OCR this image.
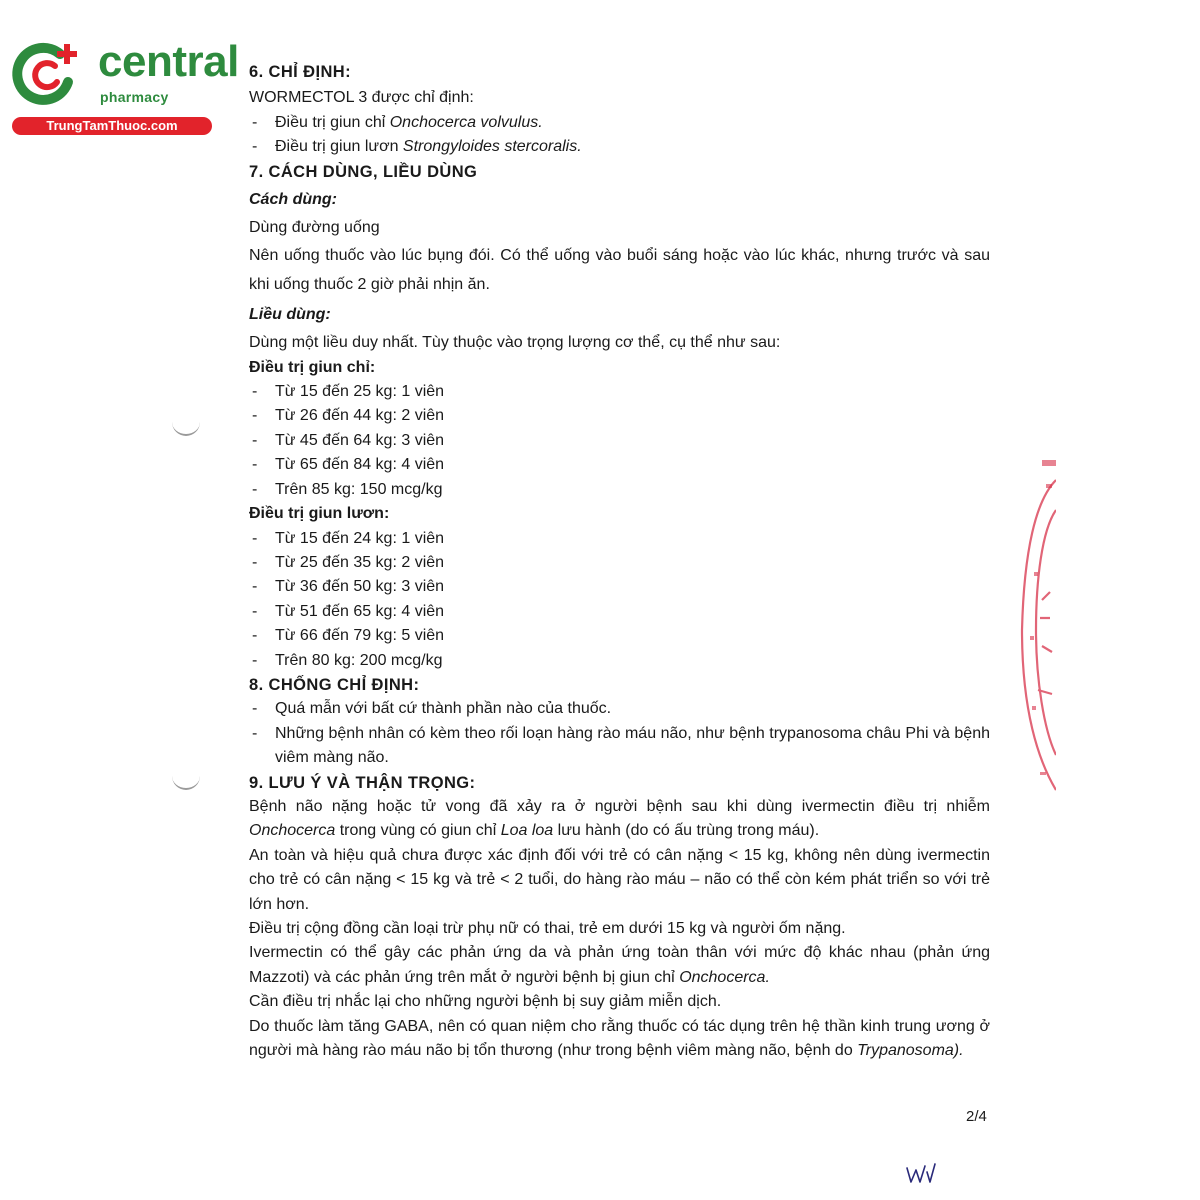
central
pharmacy
TrungTamThuoc.com
6. CHỈ ĐỊNH:
WORMECTOL 3 được chỉ định:
- Điều trị giun chỉ Onchocerca volvulus.
- Điều trị giun lươn Strongyloides stercoralis.
7. CÁCH DÙNG, LIỀU DÙNG
Cách dùng:
Dùng đường uống
Nên uống thuốc vào lúc bụng đói. Có thể uống vào buổi sáng hoặc vào lúc khác, nhưng trước và sau khi uống thuốc 2 giờ phải nhịn ăn.
Liều dùng:
Dùng một liều duy nhất. Tùy thuộc vào trọng lượng cơ thể, cụ thể như sau:
Điều trị giun chỉ:
- Từ 15 đến 25 kg: 1 viên
- Từ 26 đến 44 kg: 2 viên
- Từ 45 đến 64 kg: 3 viên
- Từ 65 đến 84 kg: 4 viên
- Trên 85 kg: 150 mcg/kg
Điều trị giun lươn:
- Từ 15 đến 24 kg: 1 viên
- Từ 25 đến 35 kg: 2 viên
- Từ 36 đến 50 kg: 3 viên
- Từ 51 đến 65 kg: 4 viên
- Từ 66 đến 79 kg: 5 viên
- Trên 80 kg: 200 mcg/kg
8. CHỐNG CHỈ ĐỊNH:
- Quá mẫn với bất cứ thành phần nào của thuốc.
- Những bệnh nhân có kèm theo rối loạn hàng rào máu não, như bệnh trypanosoma châu Phi và bệnh viêm màng não.
9. LƯU Ý VÀ THẬN TRỌNG:
Bệnh não nặng hoặc tử vong đã xảy ra ở người bệnh sau khi dùng ivermectin điều trị nhiễm Onchocerca trong vùng có giun chỉ Loa loa lưu hành (do có ấu trùng trong máu).
An toàn và hiệu quả chưa được xác định đối với trẻ có cân nặng < 15 kg, không nên dùng ivermectin cho trẻ có cân nặng < 15 kg và trẻ < 2 tuổi, do hàng rào máu – não có thể còn kém phát triển so với trẻ lớn hơn.
Điều trị cộng đồng cần loại trừ phụ nữ có thai, trẻ em dưới 15 kg và người ốm nặng.
Ivermectin có thể gây các phản ứng da và phản ứng toàn thân với mức độ khác nhau (phản ứng Mazzoti) và các phản ứng trên mắt ở người bệnh bị giun chỉ Onchocerca.
Cần điều trị nhắc lại cho những người bệnh bị suy giảm miễn dịch.
Do thuốc làm tăng GABA, nên có quan niệm cho rằng thuốc có tác dụng trên hệ thần kinh trung ương ở người mà hàng rào máu não bị tổn thương (như trong bệnh viêm màng não, bệnh do Trypanosoma).
2/4
